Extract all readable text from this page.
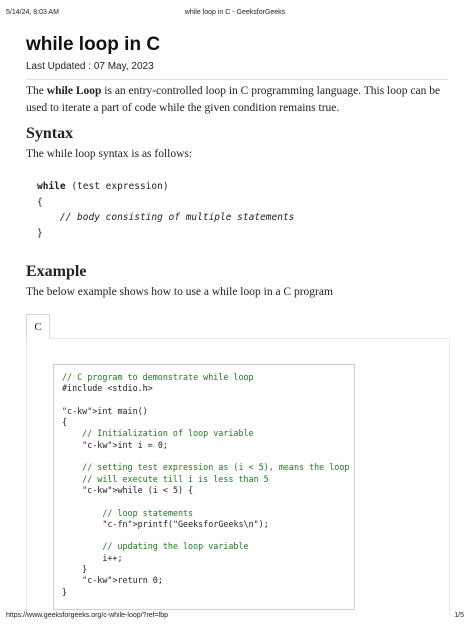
5/14/24, 8:03 AM	while loop in C - GeeksforGeeks
while loop in C
Last Updated : 07 May, 2023
The while Loop is an entry-controlled loop in C programming language. This loop can be used to iterate a part of code while the given condition remains true.
Syntax
The while loop syntax is as follows:
while (test expression)
{
// body consisting of multiple statements
}
Example
The below example shows how to use a while loop in a C program
C
// C program to demonstrate while loop
#include <stdio.h>

"c-kw">int main()
{
// Initialization of loop variable
"c-kw">int i = 0;

// setting test expression as (i < 5), means the loop
// will execute till i is less than 5
"c-kw">while (i < 5) {

// loop statements
"c-fn">printf("GeeksforGeeks\n");

// updating the loop variable
i++;
}
"c-kw">return 0;
}
https://www.geeksforgeeks.org/c-while-loop/?ref=lbp	1/5
